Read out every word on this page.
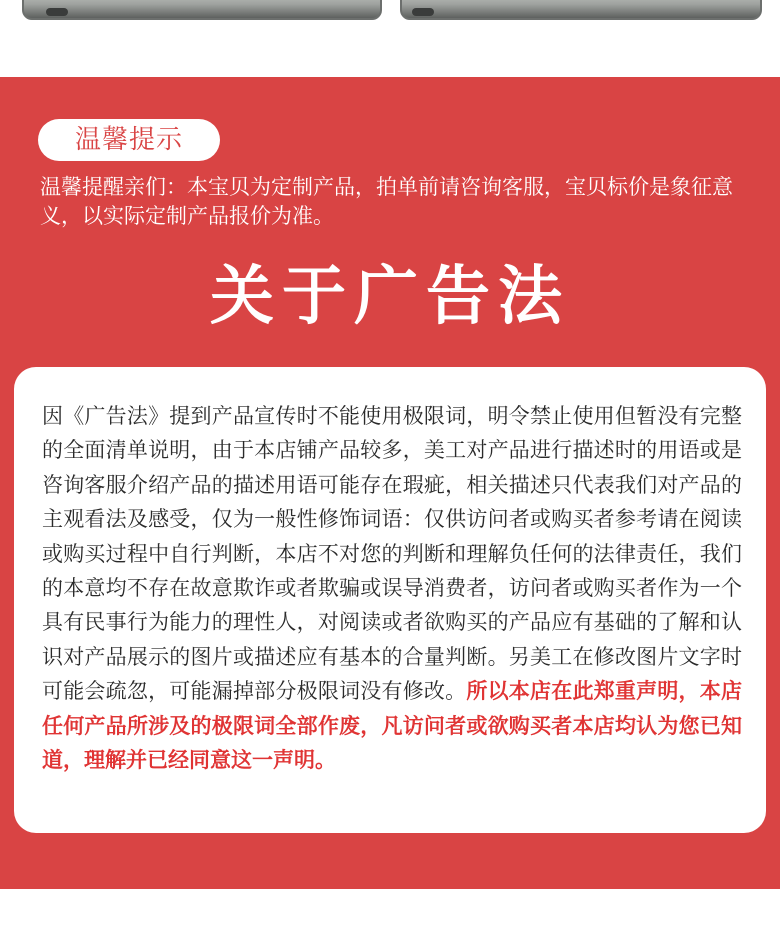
温馨提示
温馨提醒亲们：本宝贝为定制产品，拍单前请咨询客服，宝贝标价是象征意义，以实际定制产品报价为准。
关于广告法
因《广告法》提到产品宣传时不能使用极限词，明令禁止使用但暂没有完整的全面清单说明，由于本店铺产品较多，美工对产品进行描述时的用语或是咨询客服介绍产品的描述用语可能存在瑕疵，相关描述只代表我们对产品的主观看法及感受，仅为一般性修饰词语：仅供访问者或购买者参考请在阅读或购买过程中自行判断，本店不对您的判断和理解负任何的法律责任，我们的本意均不存在故意欺诈或者欺骗或误导消费者，访问者或购买者作为一个具有民事行为能力的理性人，对阅读或者欲购买的产品应有基础的了解和认识对产品展示的图片或描述应有基本的合量判断。另美工在修改图片文字时可能会疏忽，可能漏掉部分极限词没有修改。所以本店在此郑重声明，本店任何产品所涉及的极限词全部作废，凡访问者或欲购买者本店均认为您已知道，理解并已经同意这一声明。
